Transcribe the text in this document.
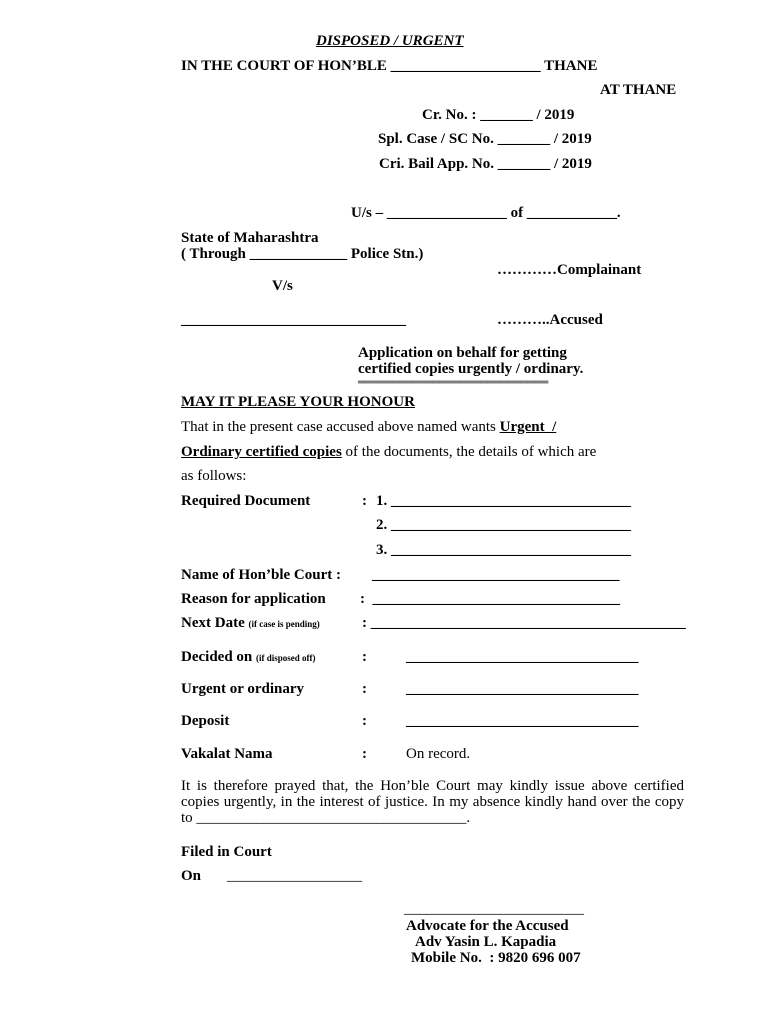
DISPOSED / URGENT
IN THE COURT OF HON’BLE ____________________ THANE
AT THANE
Cr. No. : _______ / 2019
Spl. Case / SC No. _______ / 2019
Cri. Bail App. No. _______ / 2019
U/s – ________________ of ____________.
State of Maharashtra
( Through _____________ Police Stn.)
…………Complainant
V/s
______________________________	………..Accused
Application on behalf for getting
certified copies urgently / ordinary.
════════════════════════════
MAY IT PLEASE YOUR HONOUR
That in the present case accused above named wants Urgent  /
Ordinary certified copies of the documents, the details of which are
as follows:
Required Document	: 1. ________________________________
2. ________________________________
3. ________________________________
Name of Hon’ble Court : _________________________________
Reason for application :  _________________________________
Next Date (if case is pending)	: __________________________________________
Decided on (if disposed off)	:	_______________________________
Urgent or ordinary	:	_______________________________
Deposit	:	_______________________________
Vakalat Nama	:	On record.
It is therefore prayed that, the Hon’ble Court may kindly issue above certified copies urgently, in the interest of justice. In my absence kindly hand over the copy to ____________________________________.
Filed in Court
On __________________
________________________
Advocate for the Accused
Adv Yasin L. Kapadia
Mobile No.  : 9820 696 007
